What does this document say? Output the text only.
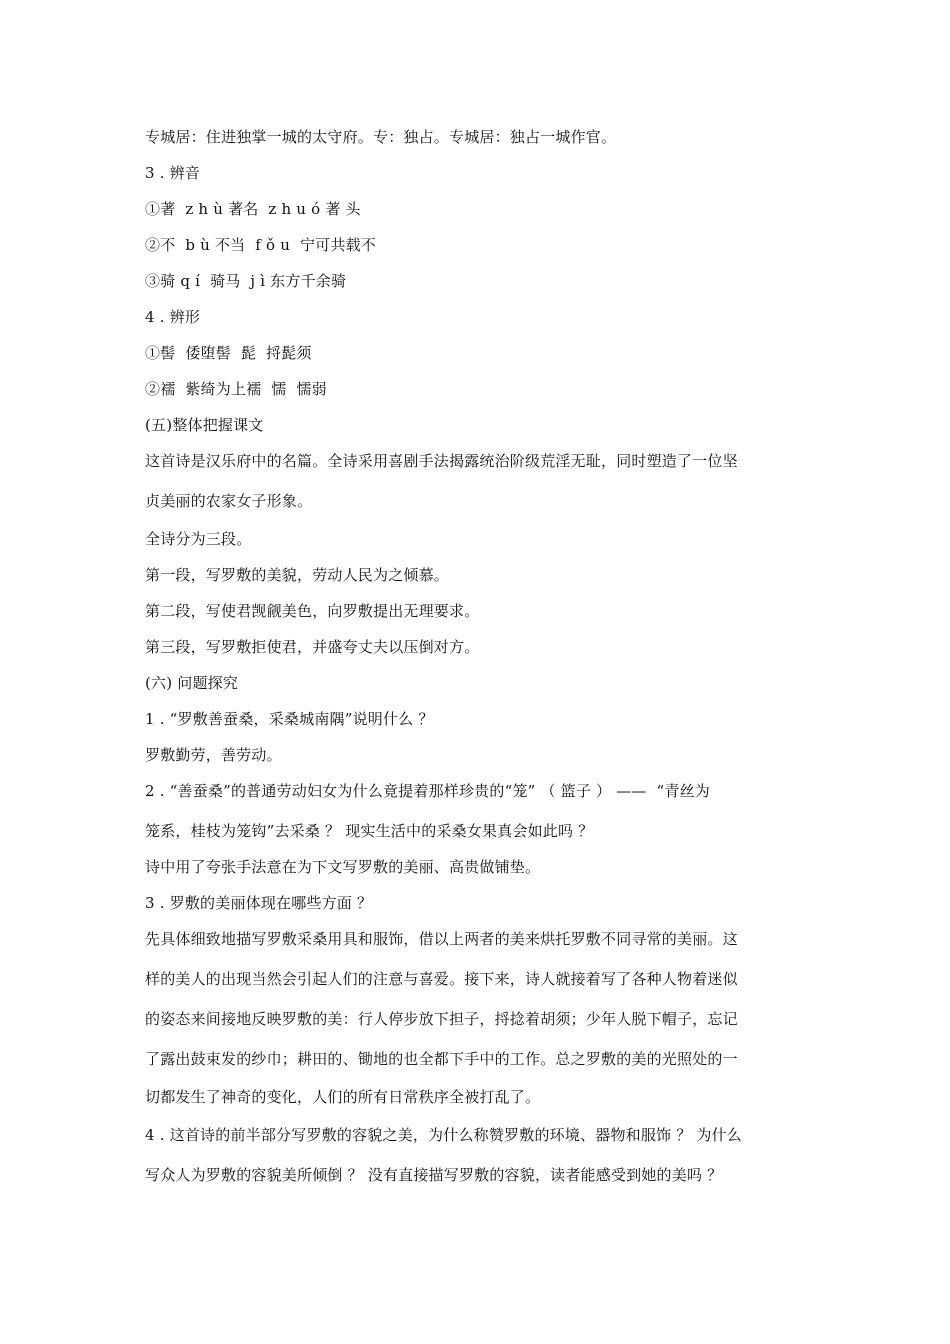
专城居：住进独掌一城的太守府。专：独占。专城居：独占一城作官。
3 . 辨音
①著  z h ù 著名  z h u ó 著 头
②不  b ù 不当  f ǒ u  宁可共载不
③骑 q í  骑马  j ì 东方千余骑
4 . 辨形
①髻  倭堕髻  髭  捋髭须
②襦  紫绮为上襦  懦  懦弱
(五)整体把握课文
这首诗是汉乐府中的名篇。全诗采用喜剧手法揭露统治阶级荒淫无耻，同时塑造了一位坚
贞美丽的农家女子形象。
全诗分为三段。
第一段，写罗敷的美貌，劳动人民为之倾慕。
第二段，写使君觊觎美色，向罗敷提出无理要求。
第三段，写罗敷拒使君，并盛夸丈夫以压倒对方。
(六) 问题探究
1 . “罗敷善蚕桑，采桑城南隅”说明什么 ？
罗敷勤劳，善劳动。
2 . “善蚕桑”的普通劳动妇女为什么竟提着那样珍贵的“笼” （ 篮子 ） ——  “青丝为
笼系，桂枝为笼钩”去采桑 ？ 现实生活中的采桑女果真会如此吗 ？
诗中用了夸张手法意在为下文写罗敷的美丽、高贵做铺垫。
3 . 罗敷的美丽体现在哪些方面 ？
先具体细致地描写罗敷采桑用具和服饰，借以上两者的美来烘托罗敷不同寻常的美丽。这
样的美人的出现当然会引起人们的注意与喜爱。接下来，诗人就接着写了各种人物着迷似
的姿态来间接地反映罗敷的美：行人停步放下担子，捋捻着胡须；少年人脱下帽子，忘记
了露出鼓束发的纱巾；耕田的、锄地的也全都下手中的工作。总之罗敷的美的光照处的一
切都发生了神奇的变化，人们的所有日常秩序全被打乱了。
4 . 这首诗的前半部分写罗敷的容貌之美，为什么称赞罗敷的环境、器物和服饰 ？ 为什么
写众人为罗敷的容貌美所倾倒 ？ 没有直接描写罗敷的容貌，读者能感受到她的美吗 ？
